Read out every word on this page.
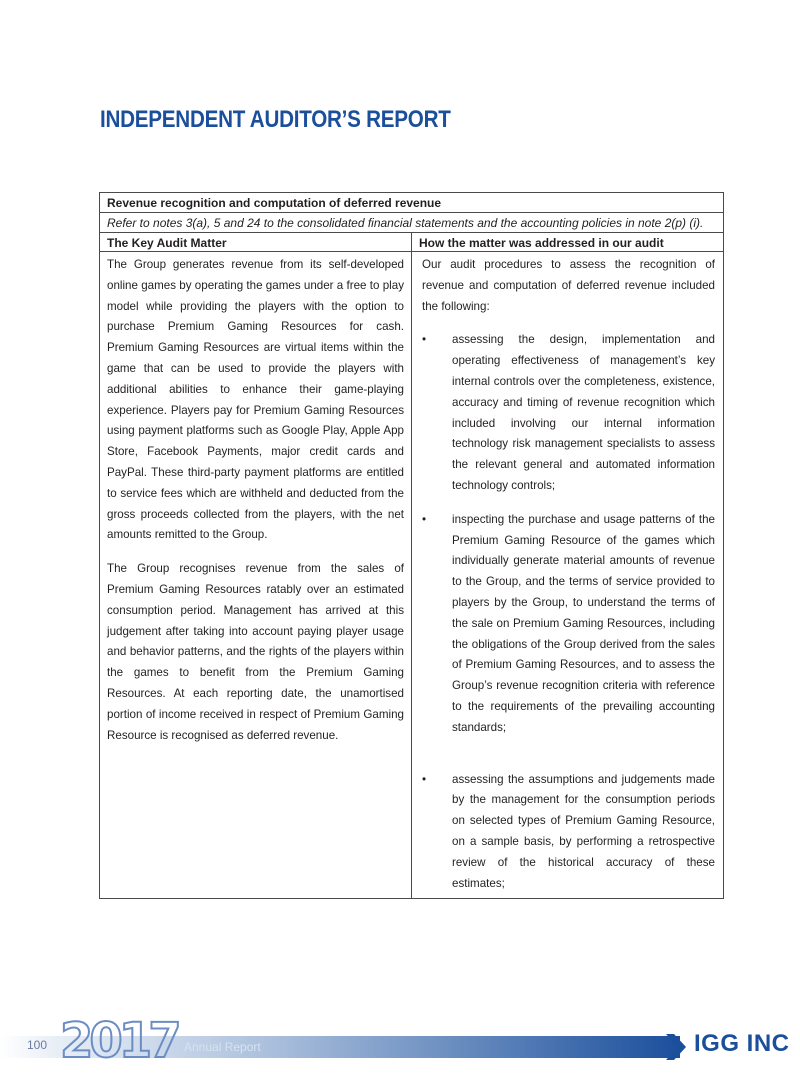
INDEPENDENT AUDITOR’S REPORT
Revenue recognition and computation of deferred revenue
Refer to notes 3(a), 5 and 24 to the consolidated financial statements and the accounting policies in note 2(p) (i).
The Key Audit Matter	How the matter was addressed in our audit

The Group generates revenue from its self-developed online games by operating the games under a free to play model while providing the players with the option to purchase Premium Gaming Resources for cash. Premium Gaming Resources are virtual items within the game that can be used to provide the players with additional abilities to enhance their game-playing experience. Players pay for Premium Gaming Resources using payment platforms such as Google Play, Apple App Store, Facebook Payments, major credit cards and PayPal. These third-party payment platforms are entitled to service fees which are withheld and deducted from the gross proceeds collected from the players, with the net amounts remitted to the Group.

The Group recognises revenue from the sales of Premium Gaming Resources ratably over an estimated consumption period. Management has arrived at this judgement after taking into account paying player usage and behavior patterns, and the rights of the players within the games to benefit from the Premium Gaming Resources. At each reporting date, the unamortised portion of income received in respect of Premium Gaming Resource is recognised as deferred revenue.

Our audit procedures to assess the recognition of revenue and computation of deferred revenue included the following:

• assessing the design, implementation and operating effectiveness of management’s key internal controls over the completeness, existence, accuracy and timing of revenue recognition which included involving our internal information technology risk management specialists to assess the relevant general and automated information technology controls;
• inspecting the purchase and usage patterns of the Premium Gaming Resource of the games which individually generate material amounts of revenue to the Group, and the terms of service provided to players by the Group, to understand the terms of the sale on Premium Gaming Resources, including the obligations of the Group derived from the sales of Premium Gaming Resources, and to assess the Group’s revenue recognition criteria with reference to the requirements of the prevailing accounting standards;
• assessing the assumptions and judgements made by the management for the consumption periods on selected types of Premium Gaming Resource, on a sample basis, by performing a retrospective review of the historical accuracy of these estimates;
100 2017 Annual Report	IGG INC
